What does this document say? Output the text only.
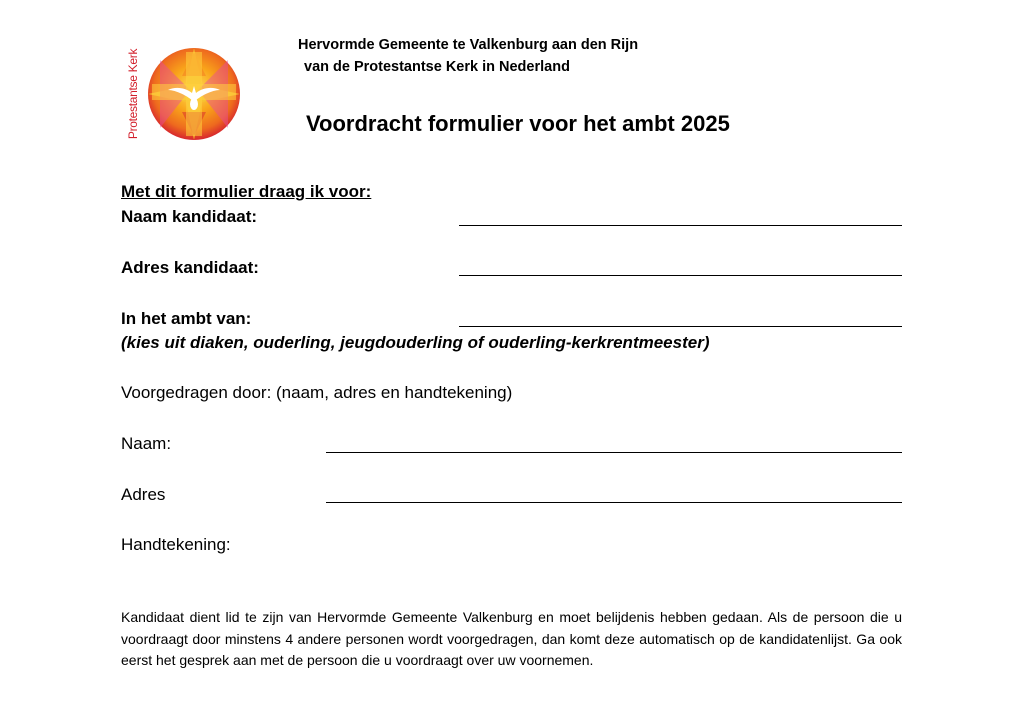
Protestantse Kerk
Hervormde Gemeente te Valkenburg aan den Rijn
van de Protestantse Kerk in Nederland
Voordracht formulier voor het ambt 2025
Met dit formulier draag ik voor:
Naam kandidaat:
Adres kandidaat:
In het ambt van:
(kies uit diaken, ouderling, jeugdouderling of ouderling-kerkrentmeester)
Voorgedragen door: (naam, adres en handtekening)
Naam:
Adres
Handtekening:
Kandidaat dient lid te zijn van Hervormde Gemeente Valkenburg en moet belijdenis hebben gedaan. Als de persoon die u voordraagt door minstens 4 andere personen wordt voorgedragen, dan komt deze automatisch op de kandidatenlijst. Ga ook eerst het gesprek aan met de persoon die u voordraagt over uw voornemen.
